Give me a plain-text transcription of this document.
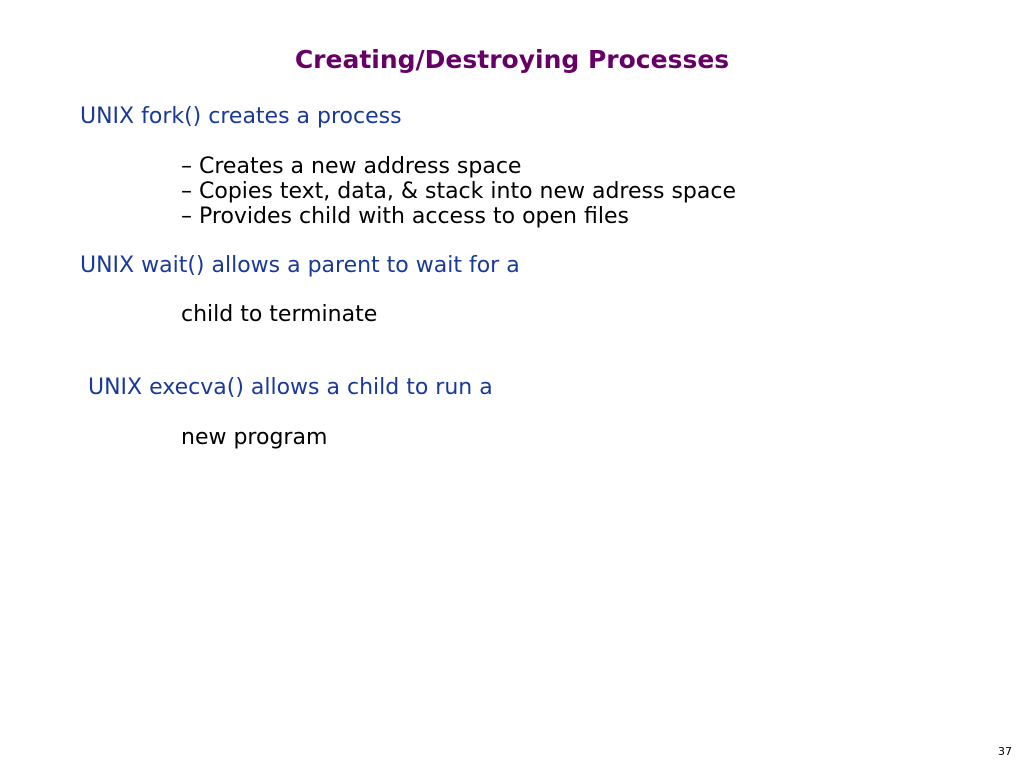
Creating/Destroying Processes
UNIX fork() creates a process
– Creates a new address space
– Copies text, data, & stack into new adress space
– Provides child with access to open files
UNIX wait() allows a parent to wait for a
child to terminate
UNIX execva() allows a child to run a
new program
37
